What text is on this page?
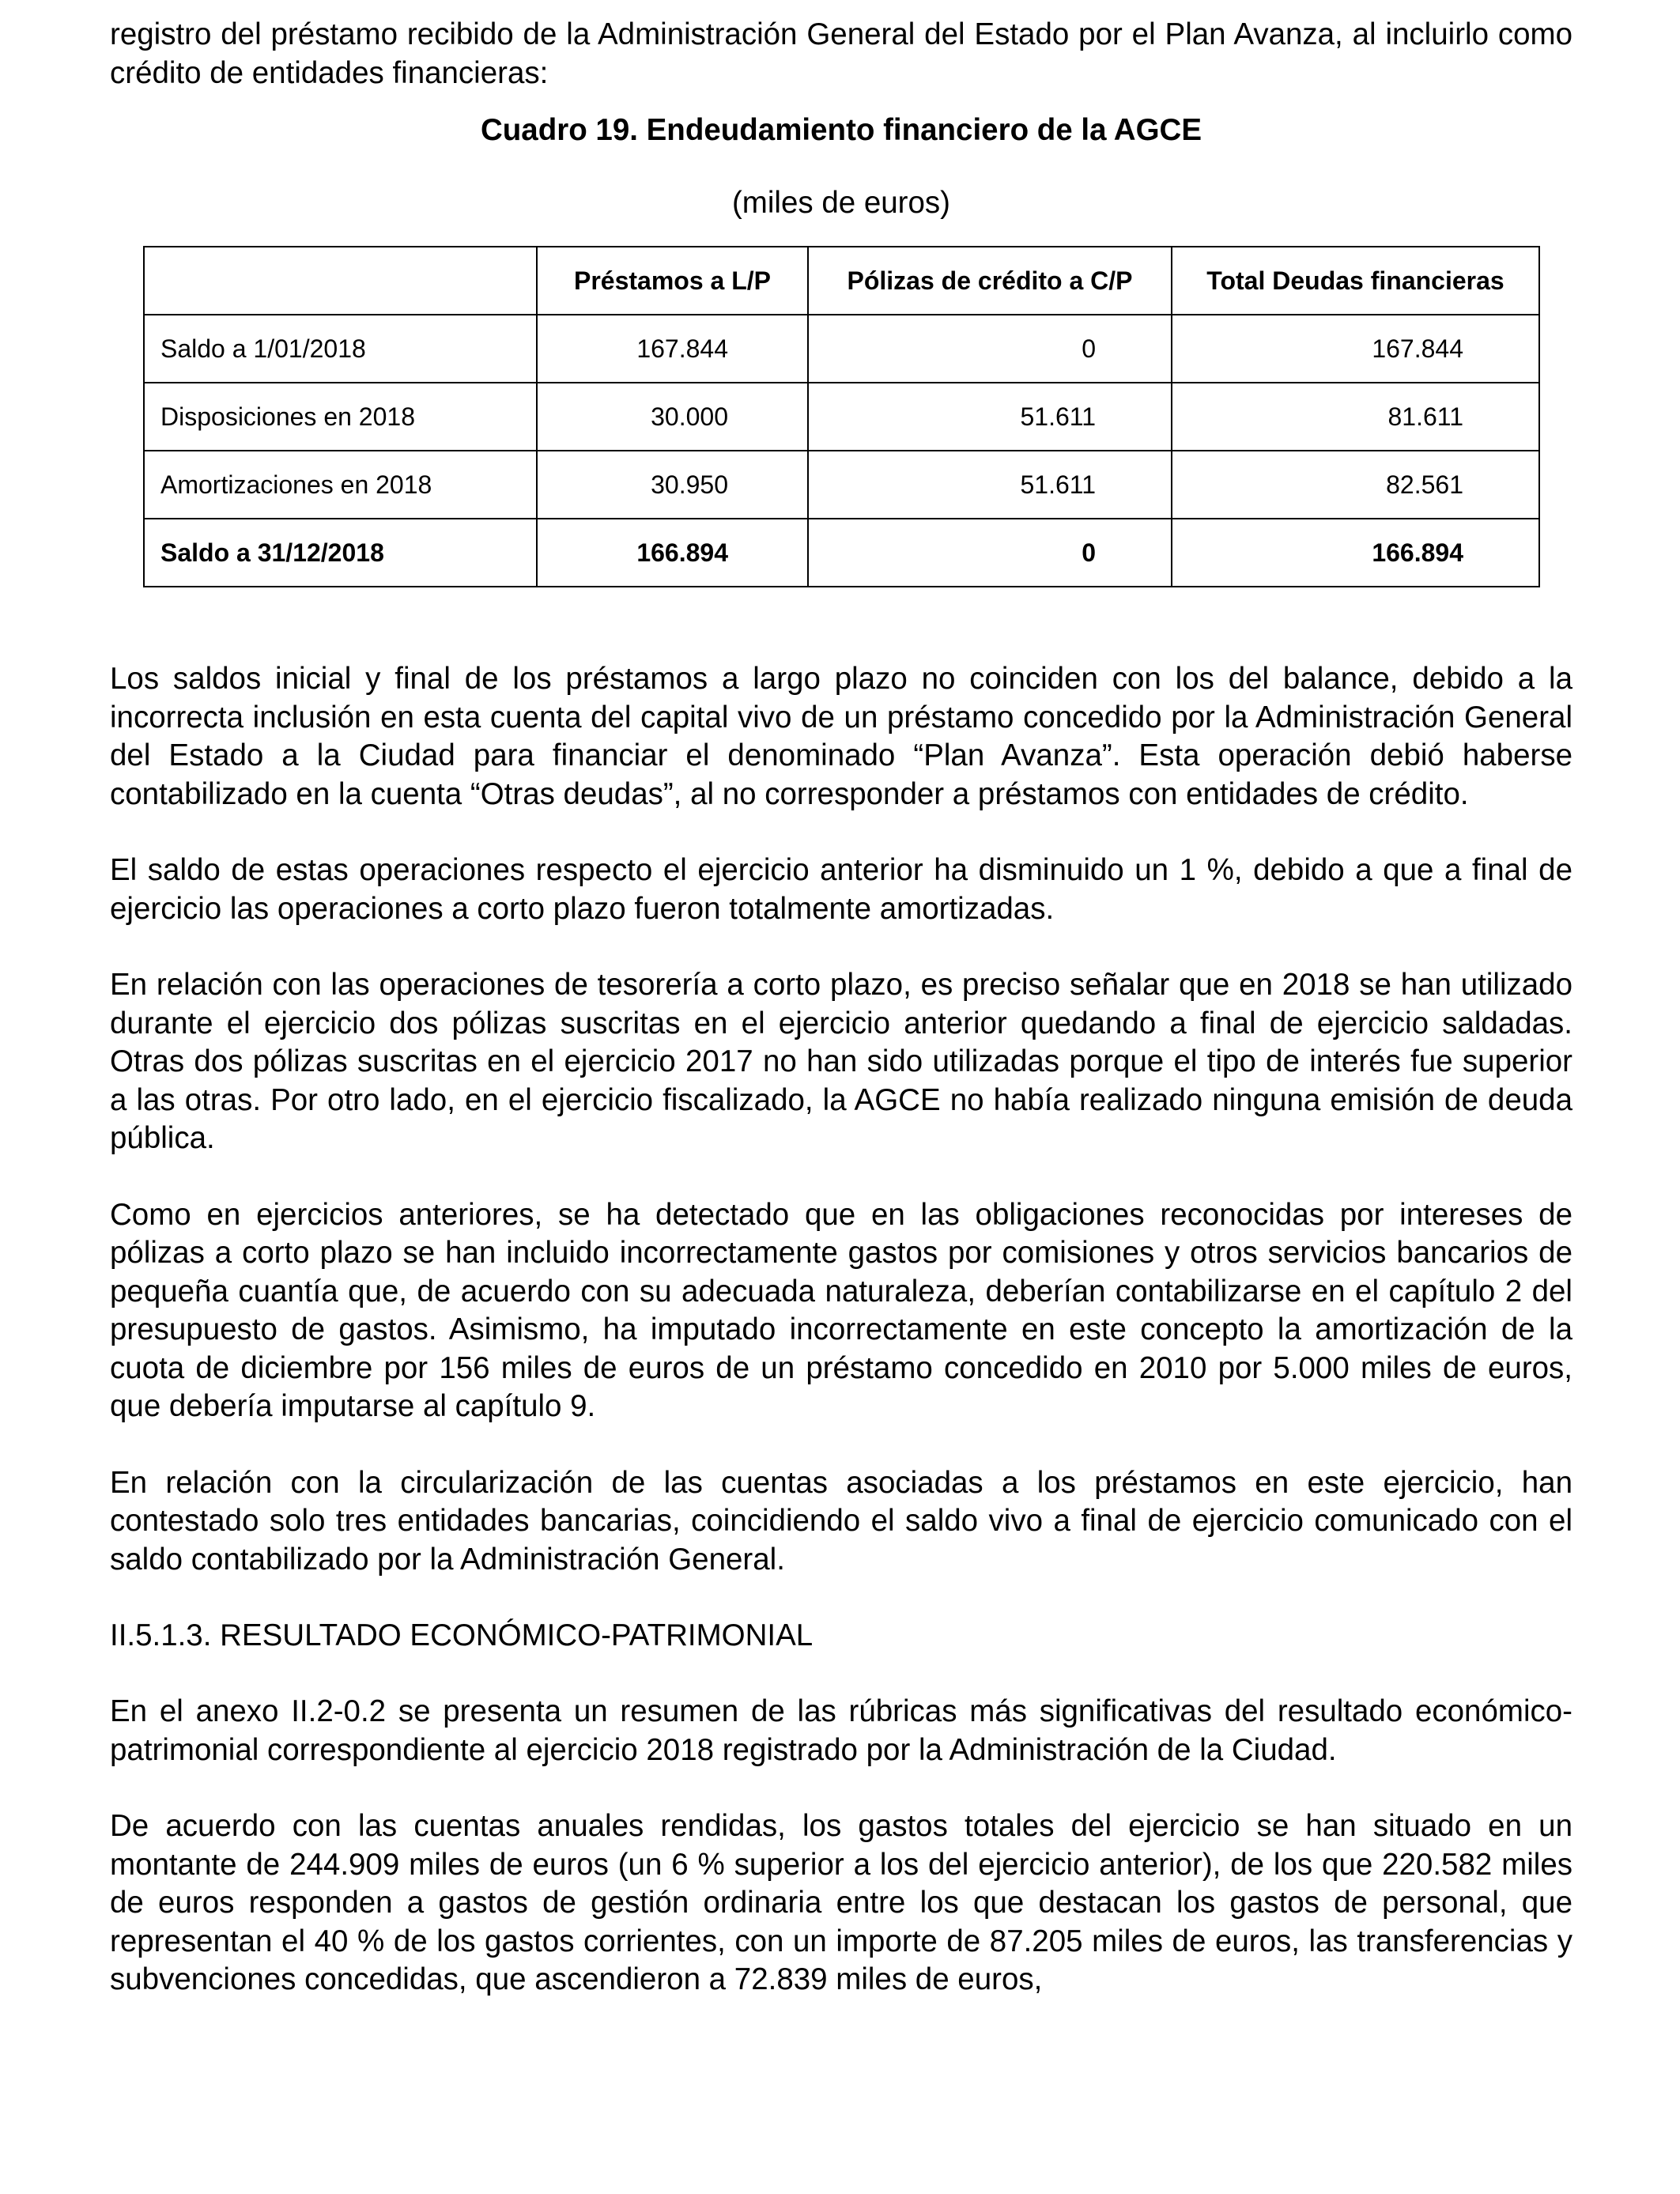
registro del préstamo recibido de la Administración General del Estado por el Plan Avanza, al incluirlo como crédito de entidades financieras:

Cuadro 19. Endeudamiento financiero de la AGCE

(miles de euros)

	Préstamos a L/P	Pólizas de crédito a C/P	Total Deudas financieras
Saldo a 1/01/2018	167.844	0	167.844
Disposiciones en 2018	30.000	51.611	81.611
Amortizaciones en 2018	30.950	51.611	82.561
Saldo a 31/12/2018	166.894	0	166.894

Los saldos inicial y final de los préstamos a largo plazo no coinciden con los del balance, debido a la incorrecta inclusión en esta cuenta del capital vivo de un préstamo concedido por la Administración General del Estado a la Ciudad para financiar el denominado “Plan Avanza”. Esta operación debió haberse contabilizado en la cuenta “Otras deudas”, al no corresponder a préstamos con entidades de crédito.

El saldo de estas operaciones respecto el ejercicio anterior ha disminuido un 1 %, debido a que a final de ejercicio las operaciones a corto plazo fueron totalmente amortizadas.

En relación con las operaciones de tesorería a corto plazo, es preciso señalar que en 2018 se han utilizado durante el ejercicio dos pólizas suscritas en el ejercicio anterior quedando a final de ejercicio saldadas. Otras dos pólizas suscritas en el ejercicio 2017 no han sido utilizadas porque el tipo de interés fue superior a las otras. Por otro lado, en el ejercicio fiscalizado, la AGCE no había realizado ninguna emisión de deuda pública.

Como en ejercicios anteriores, se ha detectado que en las obligaciones reconocidas por intereses de pólizas a corto plazo se han incluido incorrectamente gastos por comisiones y otros servicios bancarios de pequeña cuantía que, de acuerdo con su adecuada naturaleza, deberían contabilizarse en el capítulo 2 del presupuesto de gastos. Asimismo, ha imputado incorrectamente en este concepto la amortización de la cuota de diciembre por 156 miles de euros de un préstamo concedido en 2010 por 5.000 miles de euros, que debería imputarse al capítulo 9.

En relación con la circularización de las cuentas asociadas a los préstamos en este ejercicio, han contestado solo tres entidades bancarias, coincidiendo el saldo vivo a final de ejercicio comunicado con el saldo contabilizado por la Administración General.

II.5.1.3. RESULTADO ECONÓMICO-PATRIMONIAL

En el anexo II.2-0.2 se presenta un resumen de las rúbricas más significativas del resultado económico-patrimonial correspondiente al ejercicio 2018 registrado por la Administración de la Ciudad.

De acuerdo con las cuentas anuales rendidas, los gastos totales del ejercicio se han situado en un montante de 244.909 miles de euros (un 6 % superior a los del ejercicio anterior), de los que 220.582 miles de euros responden a gastos de gestión ordinaria entre los que destacan los gastos de personal, que representan el 40 % de los gastos corrientes, con un importe de 87.205 miles de euros, las transferencias y subvenciones concedidas, que ascendieron a 72.839 miles de euros,
